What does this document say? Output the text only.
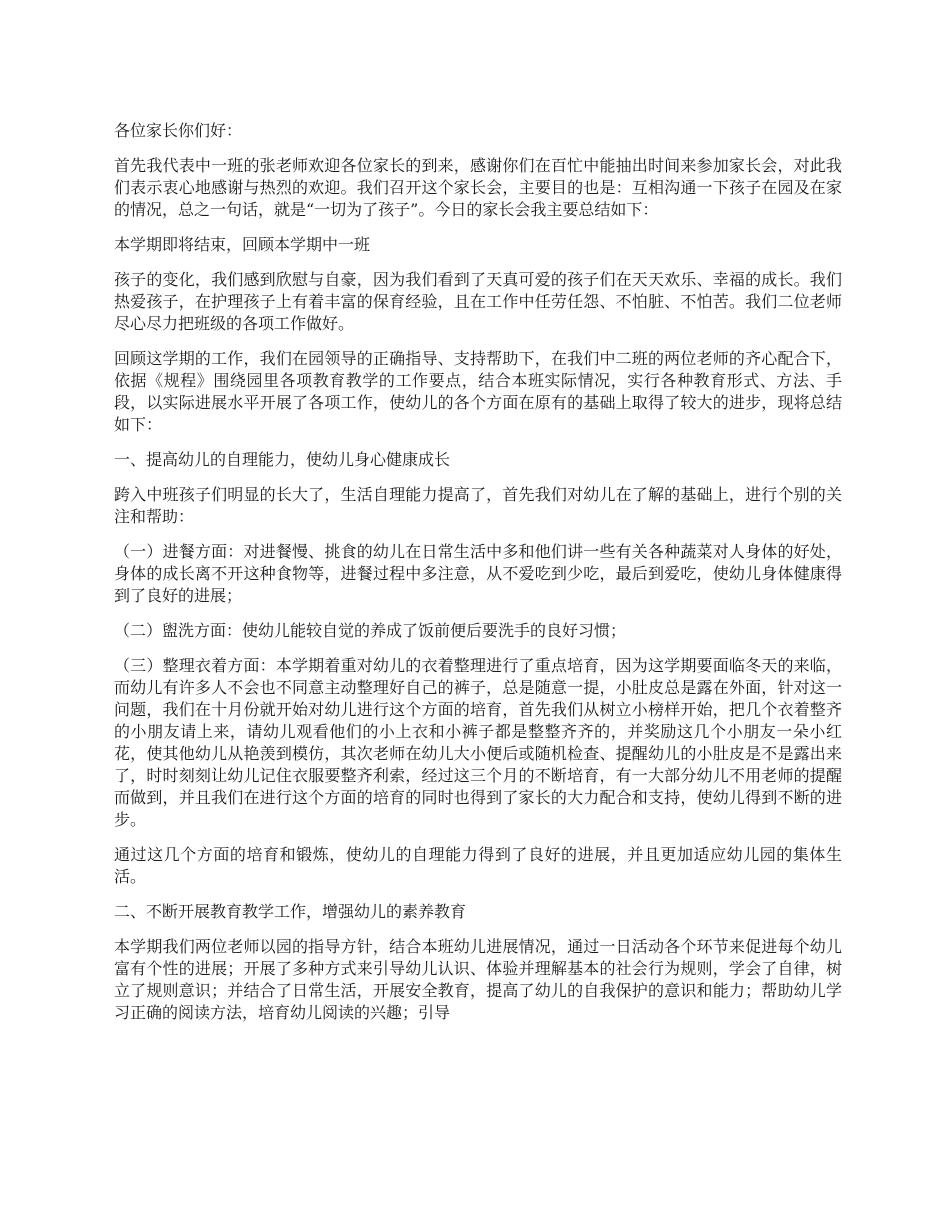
各位家长你们好：

首先我代表中一班的张老师欢迎各位家长的到来，感谢你们在百忙中能抽出时间来参加家长会，对此我们表示衷心地感谢与热烈的欢迎。我们召开这个家长会，主要目的也是：互相沟通一下孩子在园及在家的情况，总之一句话，就是“一切为了孩子”。今日的家长会我主要总结如下：

本学期即将结束，回顾本学期中一班

孩子的变化，我们感到欣慰与自豪，因为我们看到了天真可爱的孩子们在天天欢乐、幸福的成长。我们热爱孩子，在护理孩子上有着丰富的保育经验，且在工作中任劳任怨、不怕脏、不怕苦。我们二位老师尽心尽力把班级的各项工作做好。

回顾这学期的工作，我们在园领导的正确指导、支持帮助下，在我们中二班的两位老师的齐心配合下，依据《规程》围绕园里各项教育教学的工作要点，结合本班实际情况，实行各种教育形式、方法、手段，以实际进展水平开展了各项工作，使幼儿的各个方面在原有的基础上取得了较大的进步，现将总结如下：

一、提高幼儿的自理能力，使幼儿身心健康成长

跨入中班孩子们明显的长大了，生活自理能力提高了，首先我们对幼儿在了解的基础上，进行个别的关注和帮助：

（一）进餐方面：对进餐慢、挑食的幼儿在日常生活中多和他们讲一些有关各种蔬菜对人身体的好处，身体的成长离不开这种食物等，进餐过程中多注意，从不爱吃到少吃，最后到爱吃，使幼儿身体健康得到了良好的进展；

（二）盥洗方面：使幼儿能较自觉的养成了饭前便后要洗手的良好习惯；

（三）整理衣着方面：本学期着重对幼儿的衣着整理进行了重点培育，因为这学期要面临冬天的来临，而幼儿有许多人不会也不同意主动整理好自己的裤子，总是随意一提，小肚皮总是露在外面，针对这一问题，我们在十月份就开始对幼儿进行这个方面的培育，首先我们从树立小榜样开始，把几个衣着整齐的小朋友请上来，请幼儿观看他们的小上衣和小裤子都是整整齐齐的，并奖励这几个小朋友一朵小红花，使其他幼儿从艳羡到模仿，其次老师在幼儿大小便后或随机检查、提醒幼儿的小肚皮是不是露出来了，时时刻刻让幼儿记住衣服要整齐利索，经过这三个月的不断培育，有一大部分幼儿不用老师的提醒而做到，并且我们在进行这个方面的培育的同时也得到了家长的大力配合和支持，使幼儿得到不断的进步。

通过这几个方面的培育和锻炼，使幼儿的自理能力得到了良好的进展，并且更加适应幼儿园的集体生活。

二、不断开展教育教学工作，增强幼儿的素养教育

本学期我们两位老师以园的指导方针，结合本班幼儿进展情况，通过一日活动各个环节来促进每个幼儿富有个性的进展；开展了多种方式来引导幼儿认识、体验并理解基本的社会行为规则，学会了自律，树立了规则意识；并结合了日常生活，开展安全教育，提高了幼儿的自我保护的意识和能力；帮助幼儿学习正确的阅读方法，培育幼儿阅读的兴趣；引导
